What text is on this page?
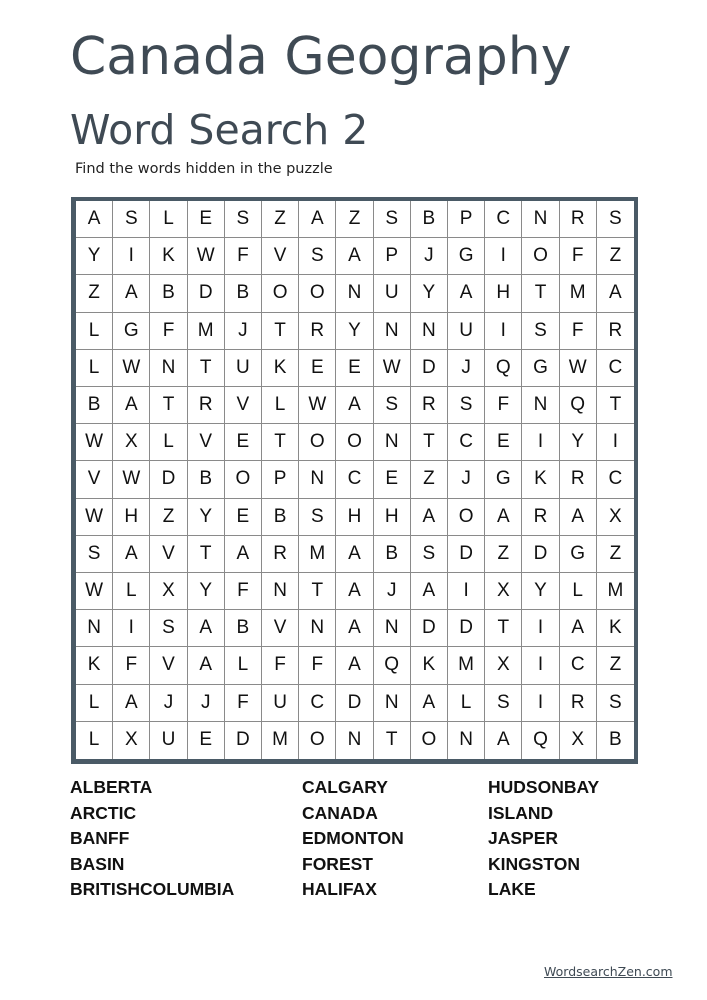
Canada Geography
Word Search 2
Find the words hidden in the puzzle
A	S	L	E	S	Z	A	Z	S	B	P	C	N	R	S
Y	I	K	W	F	V	S	A	P	J	G	I	O	F	Z
Z	A	B	D	B	O	O	N	U	Y	A	H	T	M	A
L	G	F	M	J	T	R	Y	N	N	U	I	S	F	R
L	W	N	T	U	K	E	E	W	D	J	Q	G	W	C
B	A	T	R	V	L	W	A	S	R	S	F	N	Q	T
W	X	L	V	E	T	O	O	N	T	C	E	I	Y	I
V	W	D	B	O	P	N	C	E	Z	J	G	K	R	C
W	H	Z	Y	E	B	S	H	H	A	O	A	R	A	X
S	A	V	T	A	R	M	A	B	S	D	Z	D	G	Z
W	L	X	Y	F	N	T	A	J	A	I	X	Y	L	M
N	I	S	A	B	V	N	A	N	D	D	T	I	A	K
K	F	V	A	L	F	F	A	Q	K	M	X	I	C	Z
L	A	J	J	F	U	C	D	N	A	L	S	I	R	S
L	X	U	E	D	M	O	N	T	O	N	A	Q	X	B
ALBERTA
ARCTIC
BANFF
BASIN
BRITISHCOLUMBIA
CALGARY
CANADA
EDMONTON
FOREST
HALIFAX
HUDSONBAY
ISLAND
JASPER
KINGSTON
LAKE
WordsearchZen.com
